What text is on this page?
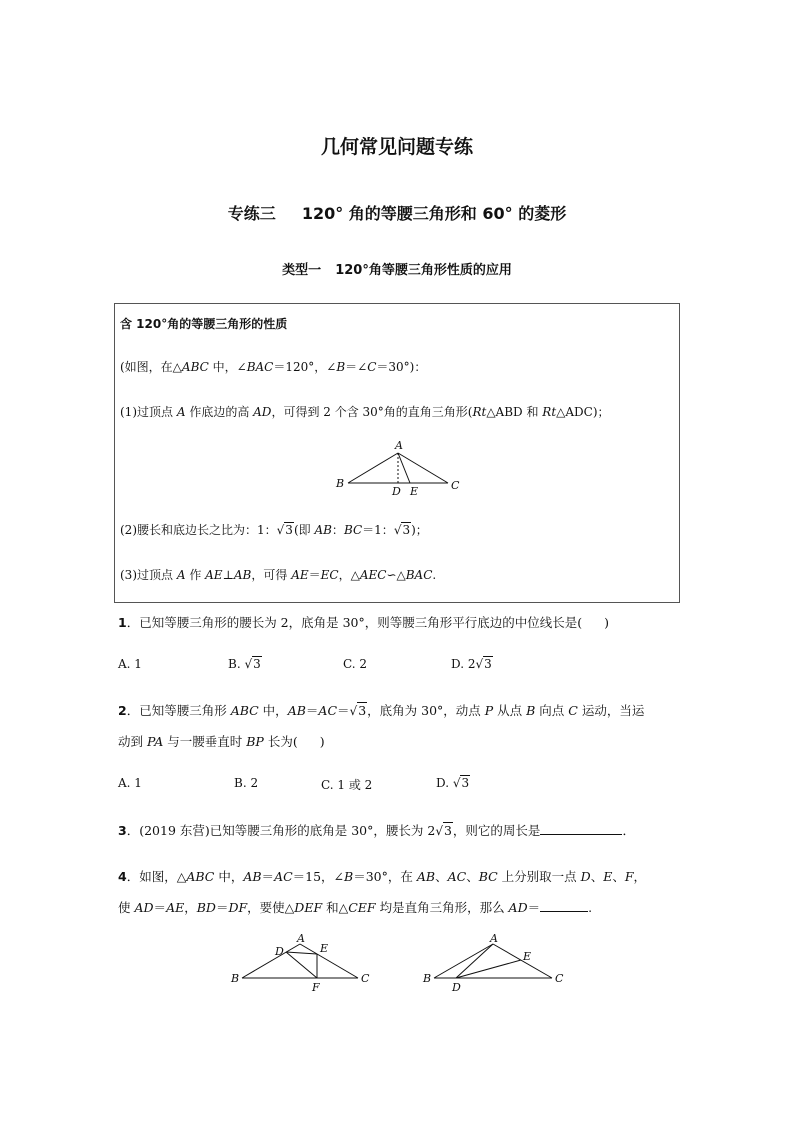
几何常见问题专练
专练三 120° 角的等腰三角形和 60° 的菱形
类型一 120°角等腰三角形性质的应用
含 120°角的等腰三角形的性质
(如图，在△ABC 中，∠BAC＝120°，∠B＝∠C＝30°)：
(1)过顶点 A 作底边的高 AD，可得到 2 个含 30°角的直角三角形(Rt△ABD 和 Rt△ADC)；
A
B	C
D E
(2)腰长和底边长之比为：1：√3(即 AB：BC＝1：√3)；
(3)过顶点 A 作 AE⊥AB，可得 AE＝EC，△AEC∽△BAC.
1．已知等腰三角形的腰长为 2，底角是 30°，则等腰三角形平行底边的中位线长是( )
A. 1	B. √3	C. 2	D. 2√3
2．已知等腰三角形 ABC 中，AB＝AC＝√3，底角为 30°，动点 P 从点 B 向点 C 运动，当运
动到 PA 与一腰垂直时 BP 长为( )
A. 1	B. 2	C. 1 或 2	D. √3
3．(2019 东营)已知等腰三角形的底角是 30°，腰长为 2√3，则它的周长是	．
4．如图，△ABC 中，AB＝AC＝15，∠B＝30°，在 AB、AC、BC 上分别取一点 D、E、F，
使 AD＝AE，BD＝DF，要使△DEF 和△CEF 均是直角三角形，那么 AD＝	.
A
B	C
D	E
F
A
B	C
D
E
